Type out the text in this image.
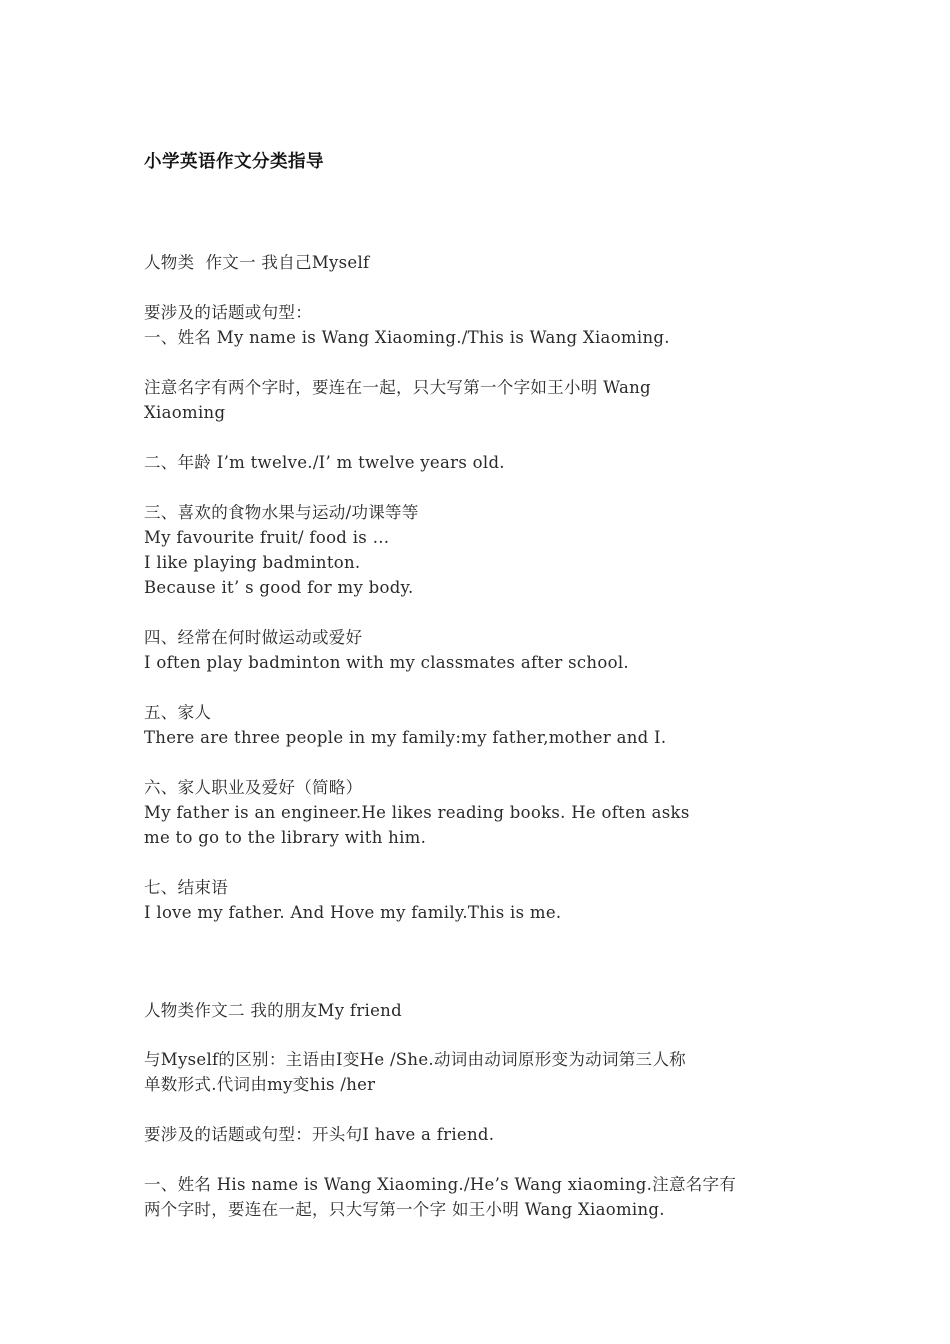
小学英语作文分类指导
人物类  作文一 我自己Myself
要涉及的话题或句型：
一、姓名 My name is Wang Xiaoming./This is Wang Xiaoming.
注意名字有两个字时，要连在一起，只大写第一个字如王小明 Wang
Xiaoming
二、年龄 I’m twelve./I’ m twelve years old.
三、喜欢的食物水果与运动/功课等等
My favourite fruit/ food is …
I like playing badminton.
Because it’ s good for my body.
四、经常在何时做运动或爱好
I often play badminton with my classmates after school.
五、家人
There are three people in my family:my father,mother and I.
六、家人职业及爱好（简略）
My father is an engineer.He likes reading books. He often asks
me to go to the library with him.
七、结束语
I love my father. And Hove my family.This is me.
人物类作文二 我的朋友My friend
与Myself的区别：主语由I变He /She.动词由动词原形变为动词第三人称
单数形式.代词由my变his /her
要涉及的话题或句型：开头句I have a friend.
一、姓名 His name is Wang Xiaoming./He’s Wang xiaoming.注意名字有
两个字时，要连在一起，只大写第一个字 如王小明 Wang Xiaoming.
